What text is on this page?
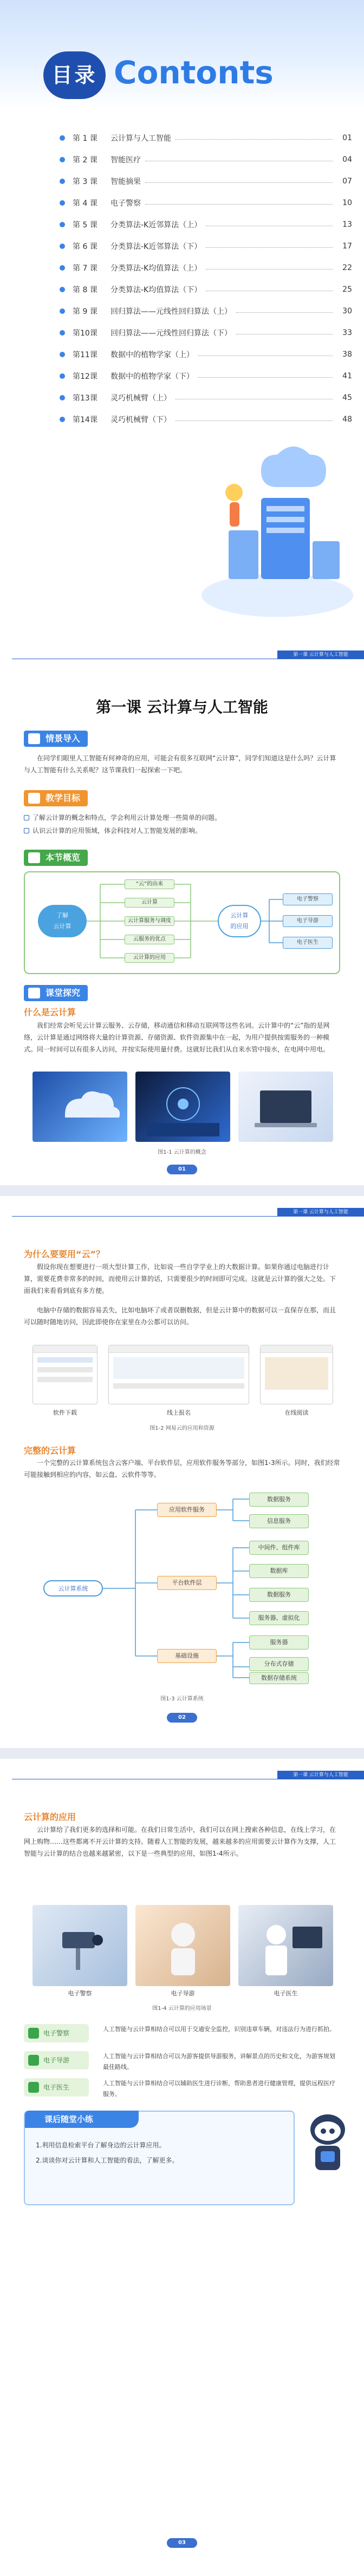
目录 Contonts
第 1 课	云计算与人工智能	01
第 2 课	智能医疗	04
第 3 课	智能摘果	07
第 4 课	电子警察	10
第 5 课	分类算法-K近邻算法（上）	13
第 6 课	分类算法-K近邻算法（下）	17
第 7 课	分类算法-K均值算法（上）	22
第 8 课	分类算法-K均值算法（下）	25
第 9 课	回归算法——元线性回归算法（上）	30
第10课	回归算法——元线性回归算法（下）	33
第11课	数据中的植物学家（上）	38
第12课	数据中的植物学家（下）	41
第13课	灵巧机械臂（上）	45
第14课	灵巧机械臂（下）	48
第一课 云计算与人工智能
第一课 云计算与人工智能
情景导入
在同学们眼里人工智能有何神奇的应用，可能会有很多互联网“云计算”，同学们知道这是什么吗？云计算与人工智能有什么关系呢？这节课我们一起探索一下吧。
教学目标
了解云计算的概念和特点，学会利用云计算处理一些简单的问题。
认识云计算的应用领域，体会科技对人工智能发展的影响。
本节概览
了解
云计算
“云”的由来
云计算
云计算服务与调度
云服务的优点
云计算的应用
云计算
的应用
电子警察
电子导游
电子医生
课堂探究
什么是云计算
我们经常会听见云计算云服务、云存储，移动通信和移动互联网等这些名词。云计算中的“云”指的是网络，云计算是通过网络将大量的计算资源、存储资源、软件资源集中在一起，为用户提供按需服务的一种模式。同一时间可以有很多人访问，并按实际使用量付费。这就好比我们从自来水管中接水，在电网中用电。
图1-1 云计算的概念
01
第一课 云计算与人工智能
为什么要要用“云”？
假设你现在想要进行一项大型计算工作，比如说一些自学学业上的大数据计算。如果你通过电脑进行计算，需要花费非常多的时间，而使用云计算的话，只需要很少的时间即可完成。这就是云计算的强大之处。下面我们来看看到底有多方便。
电脑中存储的数据容易丢失，比如电脑坏了或者误删数据，但是云计算中的数据可以一直保存在那，而且可以随时随地访问，因此即使你在家里在办公都可以访问。
软件下载	线上报名	在线阅读
图1-2 网易云的应用和资源
完整的云计算
一个完整的云计算系统包含云客户端、平台软件层，应用软件服务等部分，如图1-3所示。同时，我们经常可能接触到相应的内容，如云盘、云软件等等。
云计算系统
应用软件服务
平台软件层
基础设施
数据服务
信息服务
中间件、组件库
数据库
数据服务
服务器、虚拟化
服务器
分布式存储
数据存储系统
图1-3 云计算系统
02
第一课 云计算与人工智能
云计算的应用
云计算给了我们更多的选择和可能。在我们日常生活中，我们可以在网上搜索各种信息，在线上学习，在网上购物……这些都离不开云计算的支持。随着人工智能的发展，越来越多的应用需要云计算作为支撑，人工智能与云计算的结合也越来越紧密，以下是一些典型的应用，如图1-4所示。
电子警察	电子导游	电子医生
图1-4 云计算的应用场景
电子警察
人工智能与云计算相结合可以用于交通安全监控，识别违章车辆，对违法行为进行抓拍。
电子导游
人工智能与云计算相结合可以为游客提供导游服务，讲解景点的历史和文化，为游客规划最佳路线。
电子医生
人工智能与云计算相结合可以辅助医生进行诊断，帮助患者进行健康管理，提供远程医疗服务。
课后随堂小练
1.利用信息检索平台了解身边的云计算应用。
2.谈谈你对云计算和人工智能的看法，了解更多。
03
